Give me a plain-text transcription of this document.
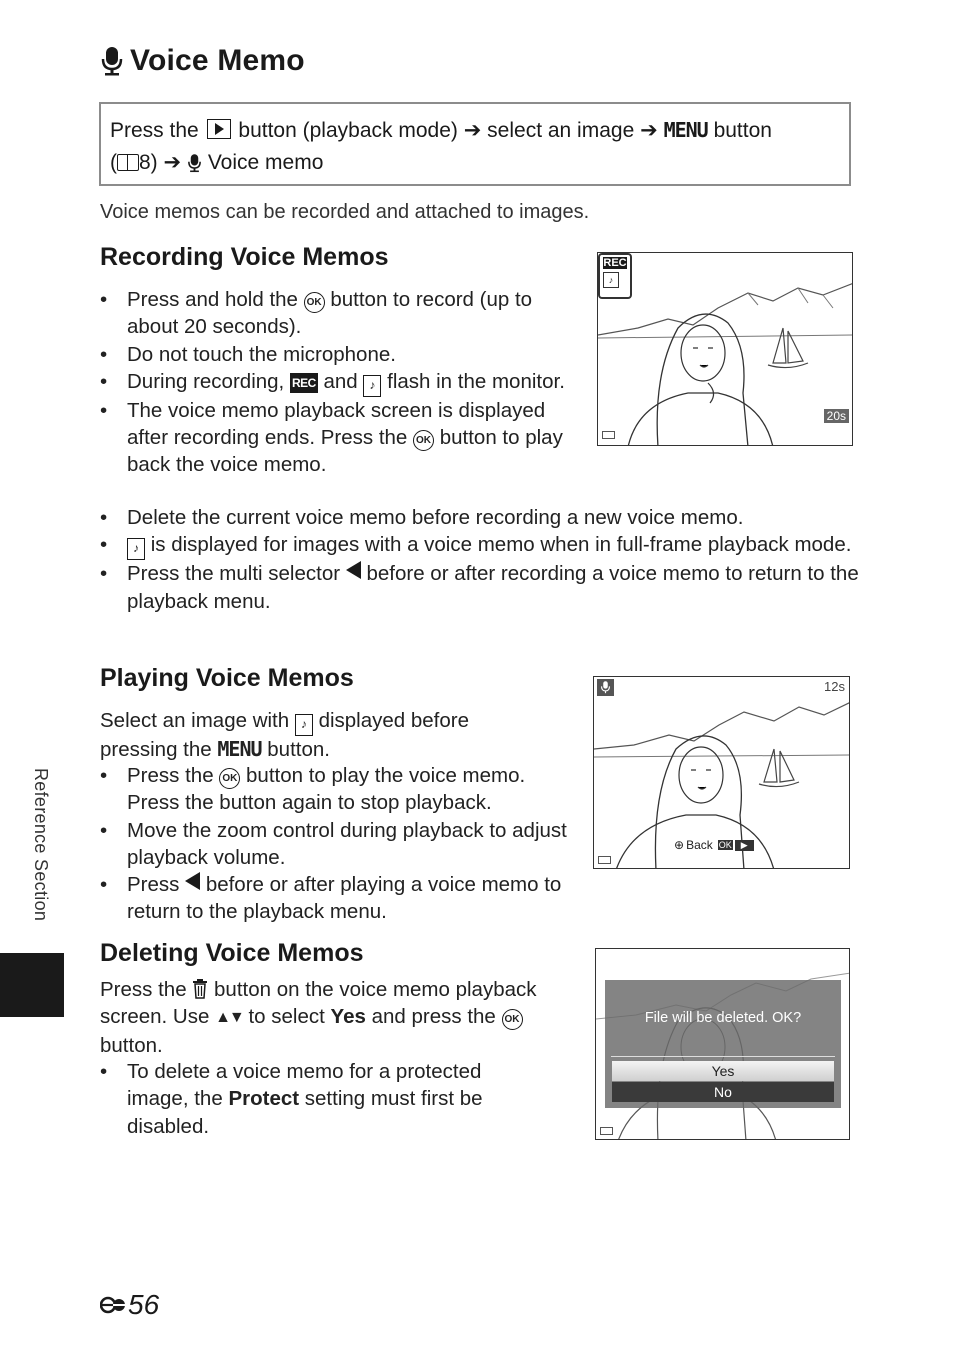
Voice Memo
Press the button (playback mode) ➔ select an image ➔ MENU button
( 8) ➔ Voice memo
Voice memos can be recorded and attached to images.
Recording Voice Memos
• Press and hold the OK button to record (up to about 20 seconds).
• Do not touch the microphone.
• During recording, REC and ♪ flash in the monitor.
• The voice memo playback screen is displayed after recording ends. Press the OK button to play back the voice memo.
• Delete the current voice memo before recording a new voice memo.
• ♪ is displayed for images with a voice memo when in full-frame playback mode.
• Press the multi selector before or after recording a voice memo to return to the playback menu.
REC
♪
20s
Playing Voice Memos
Select an image with ♪ displayed before pressing the MENU button.
• Press the OK button to play the voice memo. Press the button again to stop playback.
• Move the zoom control during playback to adjust playback volume.
• Press before or after playing a voice memo to return to the playback menu.
12s
⊕ Back OK	▶
Deleting Voice Memos
Press the button on the voice memo playback screen. Use ▲▼ to select Yes and press the OK button.
• To delete a voice memo for a protected image, the Protect setting must first be disabled.
File will be deleted. OK?
Yes
No
Reference Section
56
